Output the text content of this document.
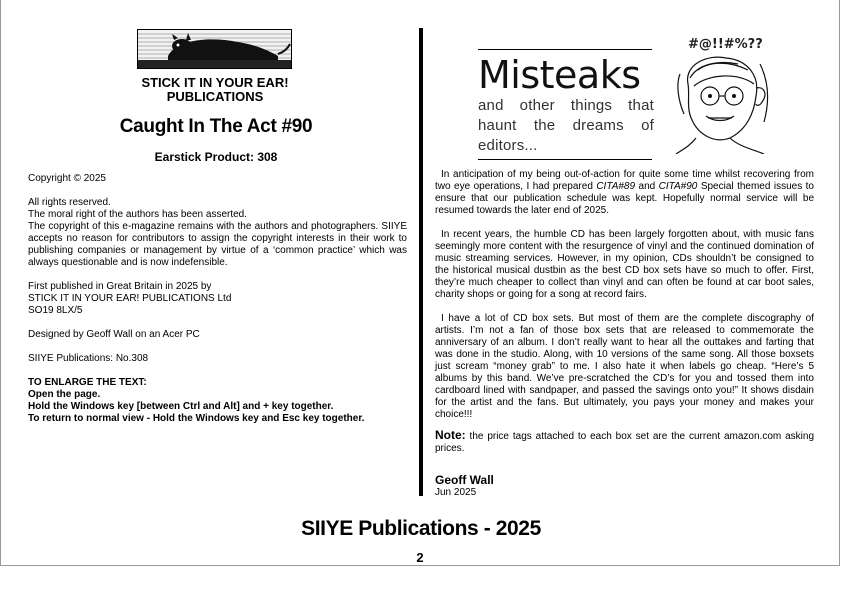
STICK IT IN YOUR EAR!
PUBLICATIONS
Caught In The Act #90
Earstick Product: 308

Copyright © 2025

All rights reserved.

The moral right of the authors has been asserted.

The copyright of this e-magazine remains with the authors and photographers. SIIYE accepts no reason for contributors to assign the copyright interests in their work to publishing companies or management by virtue of a ‘common practice’ which was always questionable and is now indefensible.

First published in Great Britain in 2025 by

STICK IT IN YOUR EAR! PUBLICATIONS Ltd

SO19 8LX/5

Designed by Geoff Wall on an Acer PC

SIIYE Publications: No.308

TO ENLARGE THE TEXT:

Open the page.

Hold the Windows key [between Ctrl and Alt] and + key together.

To return to normal view - Hold the Windows key and Esc key together.

Misteaks
and other things that haunt the dreams of editors...
#@!!#%??

In anticipation of my being out-of-action for quite some time whilst recovering from two eye operations, I had prepared CITA#89 and CITA#90 Special themed issues to ensure that our publication schedule was kept. Hopefully normal service will be resumed towards the later end of 2025.

In recent years, the humble CD has been largely forgotten about, with music fans seemingly more content with the resurgence of vinyl and the continued domination of music streaming services. However, in my opinion, CDs shouldn’t be consigned to the historical musical dustbin as the best CD box sets have so much to offer. First, they’re much cheaper to collect than vinyl and can often be found at car boot sales, charity shops or going for a song at record fairs.

I have a lot of CD box sets. But most of them are the complete discography of artists. I’m not a fan of those box sets that are released to commemorate the anniversary of an album. I don’t really want to hear all the outtakes and farting that was done in the studio. Along, with 10 versions of the same song. All those boxsets just scream “money grab” to me. I also hate it when labels go cheap. “Here’s 5 albums by this band. We’ve pre-scratched the CD’s for you and tossed them into cardboard lined with sandpaper, and passed the savings onto you!” It shows disdain for the artist and the fans. But ultimately, you pays your money and makes your choice!!!

Note: the price tags attached to each box set are the current amazon.com asking prices.

Geoff Wall
Jun 2025
SIIYE Publications - 2025
2
